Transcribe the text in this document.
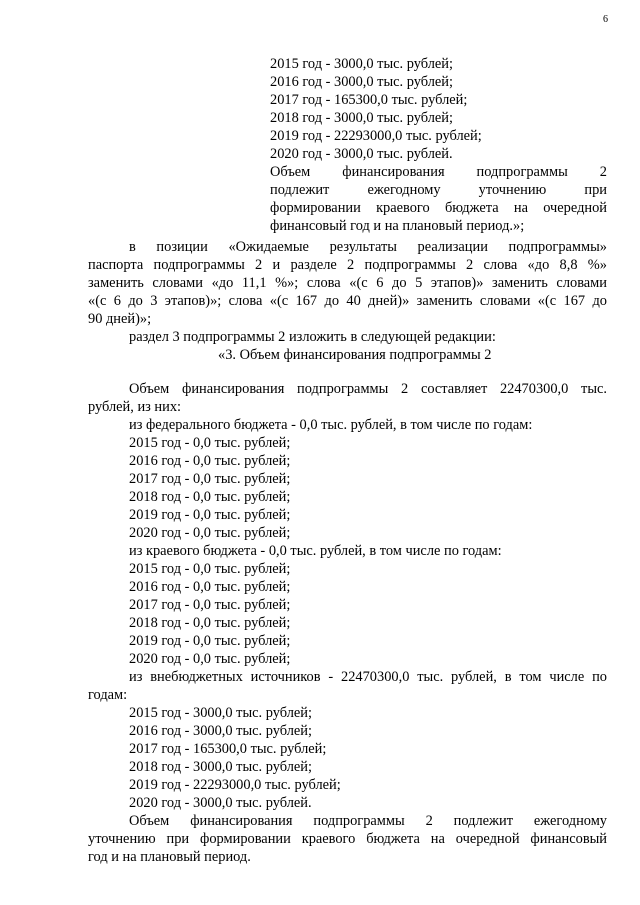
6
2015 год - 3000,0 тыс. рублей;
2016 год - 3000,0 тыс. рублей;
2017 год - 165300,0 тыс. рублей;
2018 год - 3000,0 тыс. рублей;
2019 год - 22293000,0 тыс. рублей;
2020 год - 3000,0 тыс. рублей.
Объем финансирования подпрограммы 2
подлежит ежегодному уточнению при
формировании краевого бюджета на очередной
финансовый год и на плановый период.»;
в позиции «Ожидаемые результаты реализации подпрограммы»
паспорта подпрограммы 2 и разделе 2 подпрограммы 2 слова «до 8,8 %»
заменить словами «до 11,1 %»; слова «(с 6 до 5 этапов)» заменить словами
«(с 6 до 3 этапов)»; слова «(с 167 до 40 дней)» заменить словами «(с 167 до
90 дней)»;
раздел 3 подпрограммы 2 изложить в следующей редакции:
«3. Объем финансирования подпрограммы 2
Объем финансирования подпрограммы 2 составляет 22470300,0 тыс.
рублей, из них:
из федерального бюджета - 0,0 тыс. рублей, в том числе по годам:
2015 год - 0,0 тыс. рублей;
2016 год - 0,0 тыс. рублей;
2017 год - 0,0 тыс. рублей;
2018 год - 0,0 тыс. рублей;
2019 год - 0,0 тыс. рублей;
2020 год - 0,0 тыс. рублей;
из краевого бюджета - 0,0 тыс. рублей, в том числе по годам:
2015 год - 0,0 тыс. рублей;
2016 год - 0,0 тыс. рублей;
2017 год - 0,0 тыс. рублей;
2018 год - 0,0 тыс. рублей;
2019 год - 0,0 тыс. рублей;
2020 год - 0,0 тыс. рублей;
из внебюджетных источников - 22470300,0 тыс. рублей, в том числе по
годам:
2015 год - 3000,0 тыс. рублей;
2016 год - 3000,0 тыс. рублей;
2017 год - 165300,0 тыс. рублей;
2018 год - 3000,0 тыс. рублей;
2019 год - 22293000,0 тыс. рублей;
2020 год - 3000,0 тыс. рублей.
Объем финансирования подпрограммы 2 подлежит ежегодному
уточнению при формировании краевого бюджета на очередной финансовый
год и на плановый период.
